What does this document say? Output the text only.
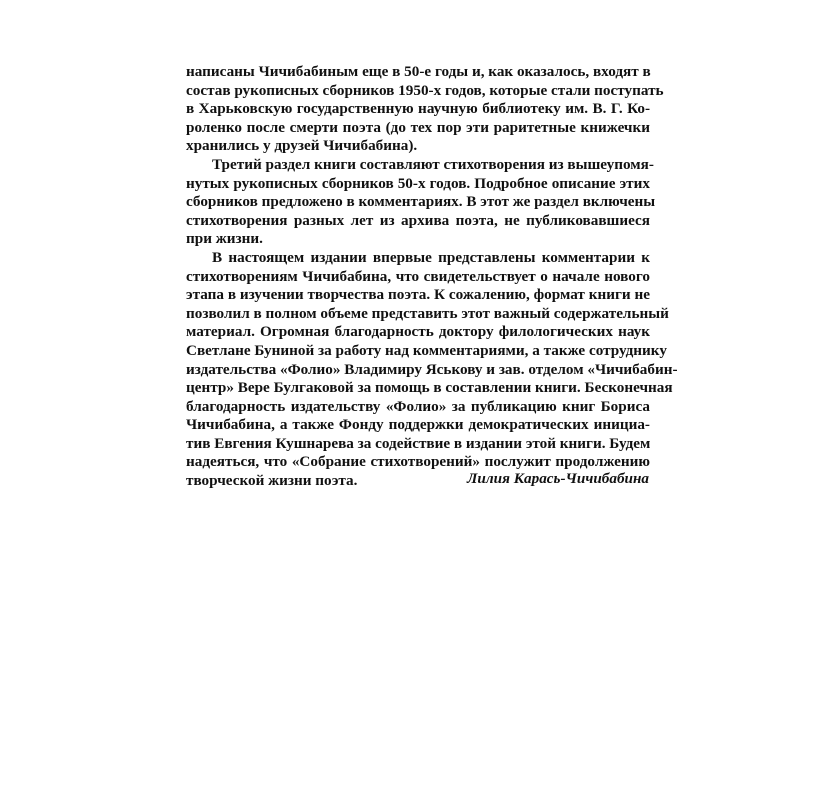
написаны Чичибабиным еще в 50-е годы и, как оказалось, входят в
состав рукописных сборников 1950-х годов, которые стали поступать
в Харьковскую государственную научную библиотеку им. В. Г. Ко-
роленко после смерти поэта (до тех пор эти раритетные книжечки
хранились у друзей Чичибабина).
Третий раздел книги составляют стихотворения из вышеупомя-
нутых рукописных сборников 50-х годов. Подробное описание этих
сборников предложено в комментариях. В этот же раздел включены
стихотворения разных лет из архива поэта, не публиковавшиеся
при жизни.
В настоящем издании впервые представлены комментарии к
стихотворениям Чичибабина, что свидетельствует о начале нового
этапа в изучении творчества поэта. К сожалению, формат книги не
позволил в полном объеме представить этот важный содержательный
материал. Огромная благодарность доктору филологических наук
Светлане Буниной за работу над комментариями, а также сотруднику
издательства «Фолио» Владимиру Яськову и зав. отделом «Чичибабин-
центр» Вере Булгаковой за помощь в составлении книги. Бесконечная
благодарность издательству «Фолио» за публикацию книг Бориса
Чичибабина, а также Фонду поддержки демократических инициа-
тив Евгения Кушнарева за содействие в издании этой книги. Будем
надеяться, что «Собрание стихотворений» послужит продолжению
творческой жизни поэта.	Лилия Карась-Чичибабина
